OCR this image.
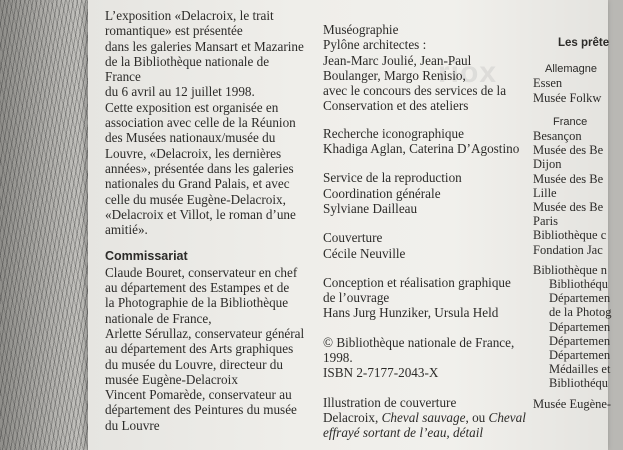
riox

L’exposition «Delacroix, le trait

romantique» est présentée

dans les galeries Mansart et Mazarine

de la Bibliothèque nationale de

France

du 6 avril au 12 juillet 1998.

Cette exposition est organisée en

association avec celle de la Réunion

des Musées nationaux/musée du

Louvre, «Delacroix, les dernières

années», présentée dans les galeries

nationales du Grand Palais, et avec

celle du musée Eugène-Delacroix,

«Delacroix et Villot, le roman d’une

amitié».

Commissariat

Claude Bouret, conservateur en chef

au département des Estampes et de

la Photographie de la Bibliothèque

nationale de France,

Arlette Sérullaz, conservateur général

au département des Arts graphiques

du musée du Louvre, directeur du

musée Eugène-Delacroix

Vincent Pomarède, conservateur au

département des Peintures du musée

du Louvre

Muséographie

Pylône architectes :

Jean-Marc Joulié, Jean-Paul

Boulanger, Margo Renisio,

avec le concours des services de la

Conservation et des ateliers

Recherche iconographique

Khadiga Aglan, Caterina D’Agostino

Service de la reproduction

Coordination générale

Sylviane Dailleau

Couverture

Cécile Neuville

Conception et réalisation graphique

de l’ouvrage

Hans Jurg Hunziker, Ursula Held

© Bibliothèque nationale de France,

1998.

ISBN 2-7177-2043-X

Illustration de couverture

Delacroix, Cheval sauvage, ou Cheval

effrayé sortant de l’eau, détail

Les prête

Allemagne

Essen

Musée Folkw

France

Besançon

Musée des Be

Dijon

Musée des Be

Lille

Musée des Be

Paris

Bibliothèque c

Fondation Jac

Bibliothèque n

Bibliothéqu

Départemen

de la Photog

Départemen

Départemen

Départemen

Médailles et

Bibliothéqu

Musée Eugène-
